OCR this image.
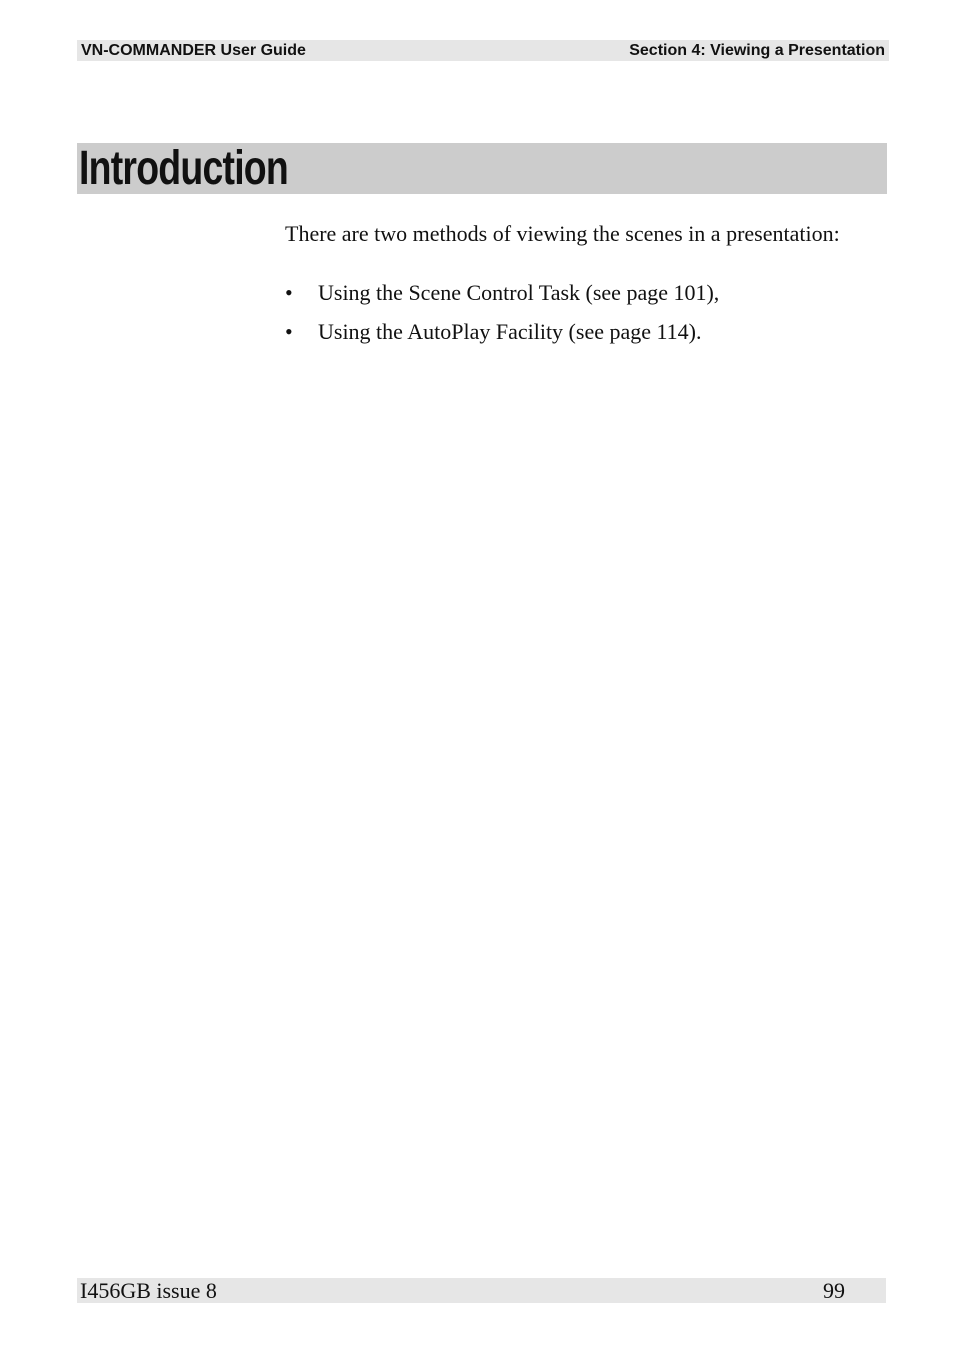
VN-COMMANDER User Guide	Section 4: Viewing a Presentation
Introduction

There are two methods of viewing the scenes in a presentation:

• Using the Scene Control Task (see page 101),
• Using the AutoPlay Facility (see page 114).
I456GB issue 8	99
